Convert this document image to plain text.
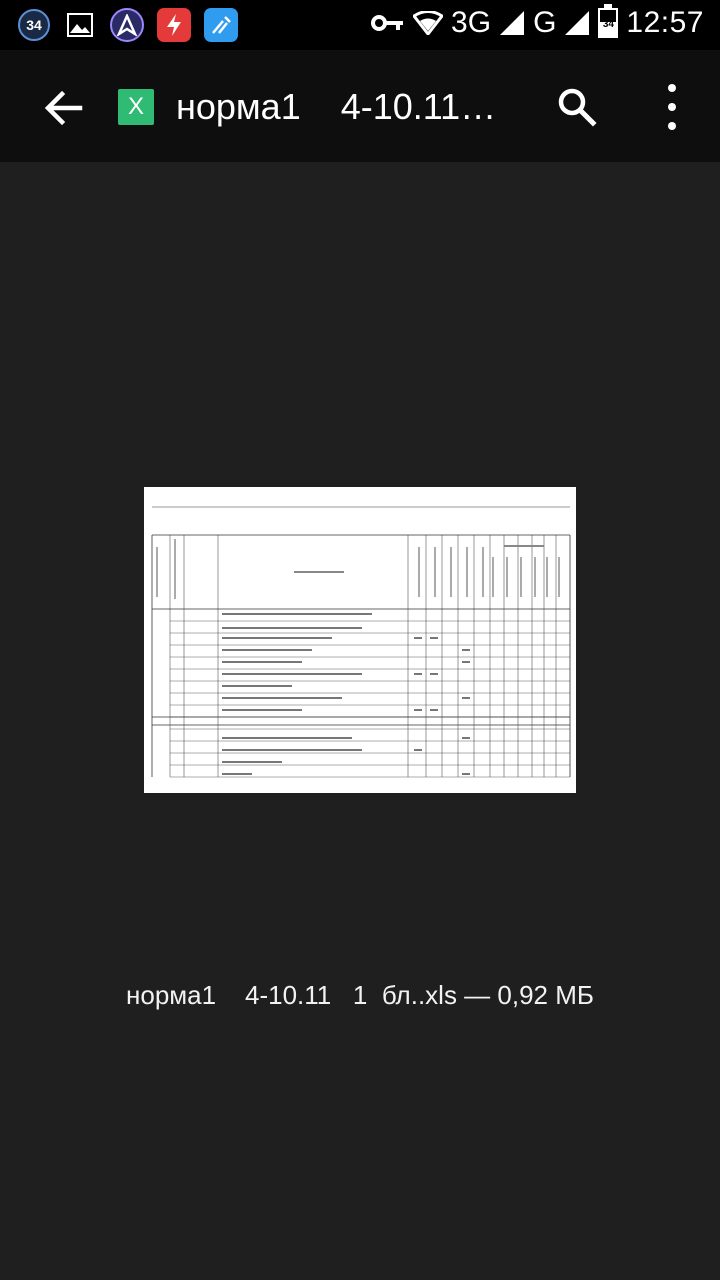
34	3G G	34 12:57
X норма1    4-10.11…
норма1    4-10.11   1  бл..xls — 0,92 МБ
